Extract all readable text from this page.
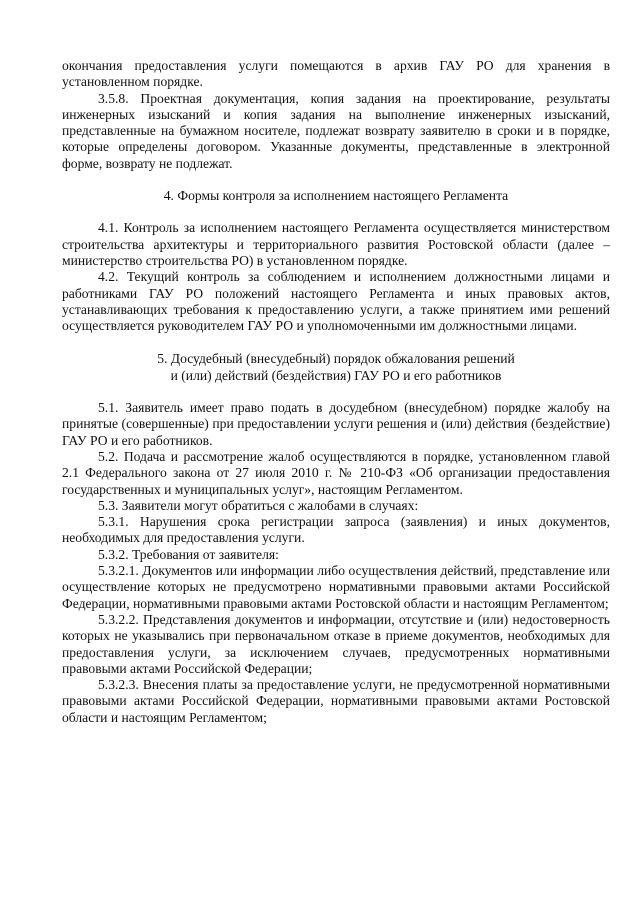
окончания предоставления услуги помещаются в архив ГАУ РО для хранения в установленном порядке.

3.5.8. Проектная документация, копия задания на проектирование, результаты инженерных изысканий и копия задания на выполнение инженерных изысканий, представленные на бумажном носителе, подлежат возврату заявителю в сроки и в порядке, которые определены договором. Указанные документы, представленные в электронной форме, возврату не подлежат.

4. Формы контроля за исполнением настоящего Регламента

4.1. Контроль за исполнением настоящего Регламента осуществляется министерством строительства архитектуры и территориального развития Ростовской области (далее – министерство строительства РО) в установленном порядке.

4.2. Текущий контроль за соблюдением и исполнением должностными лицами и работниками ГАУ РО положений настоящего Регламента и иных правовых актов, устанавливающих требования к предоставлению услуги, а также принятием ими решений осуществляется руководителем ГАУ РО и уполномоченными им должностными лицами.

5. Досудебный (внесудебный) порядок обжалования решений
и (или) действий (бездействия) ГАУ РО и его работников

5.1. Заявитель имеет право подать в досудебном (внесудебном) порядке жалобу на принятые (совершенные) при предоставлении услуги решения и (или) действия (бездействие) ГАУ РО и его работников.

5.2. Подача и рассмотрение жалоб осуществляются в порядке, установленном главой 2.1 Федерального закона от 27 июля 2010 г. № 210-ФЗ «Об организации предоставления государственных и муниципальных услуг», настоящим Регламентом.

5.3. Заявители могут обратиться с жалобами в случаях:

5.3.1. Нарушения срока регистрации запроса (заявления) и иных документов, необходимых для предоставления услуги.

5.3.2. Требования от заявителя:

5.3.2.1. Документов или информации либо осуществления действий, представление или осуществление которых не предусмотрено нормативными правовыми актами Российской Федерации, нормативными правовыми актами Ростовской области и настоящим Регламентом;

5.3.2.2. Представления документов и информации, отсутствие и (или) недостоверность которых не указывались при первоначальном отказе в приеме документов, необходимых для предоставления услуги, за исключением случаев, предусмотренных нормативными правовыми актами Российской Федерации;

5.3.2.3. Внесения платы за предоставление услуги, не предусмотренной нормативными правовыми актами Российской Федерации, нормативными правовыми актами Ростовской области и настоящим Регламентом;
